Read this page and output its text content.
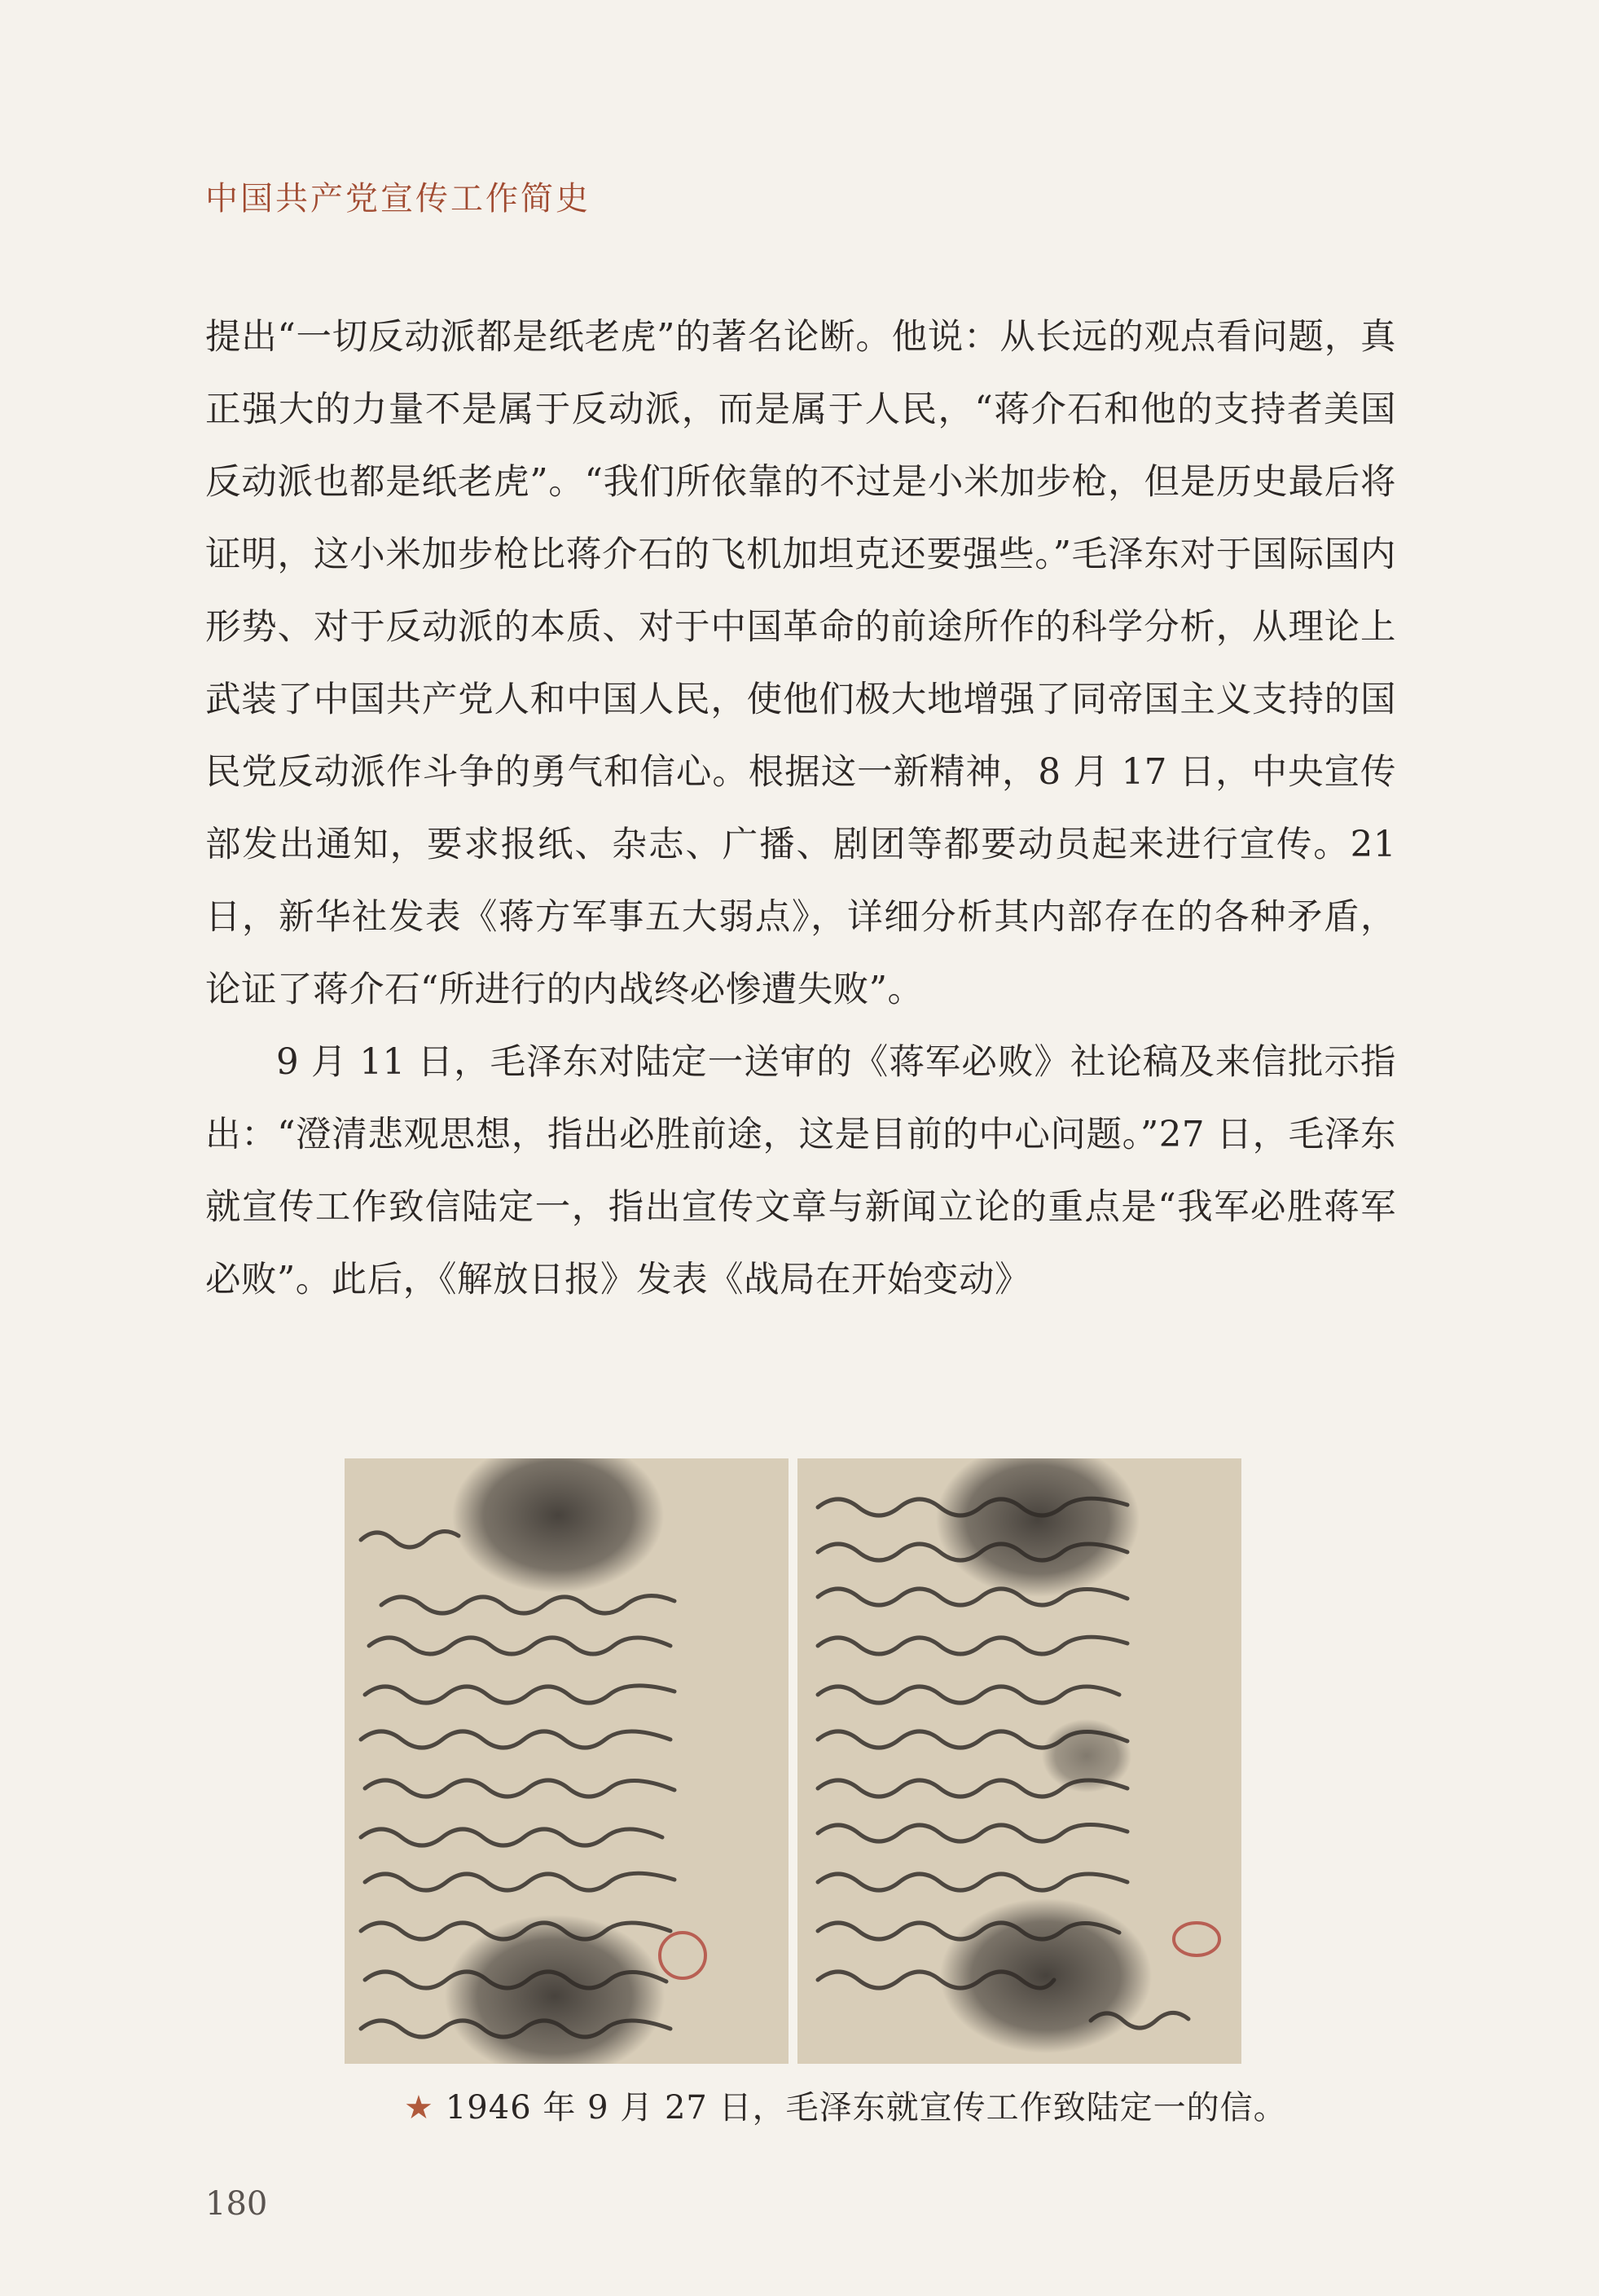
中国共产党宣传工作简史

提出“一切反动派都是纸老虎”的著名论断。他说：从长远的观点看问题，真正强大的力量不是属于反动派，而是属于人民，“蒋介石和他的支持者美国反动派也都是纸老虎”。“我们所依靠的不过是小米加步枪，但是历史最后将证明，这小米加步枪比蒋介石的飞机加坦克还要强些。”毛泽东对于国际国内形势、对于反动派的本质、对于中国革命的前途所作的科学分析，从理论上武装了中国共产党人和中国人民，使他们极大地增强了同帝国主义支持的国民党反动派作斗争的勇气和信心。根据这一新精神，8 月 17 日，中央宣传部发出通知，要求报纸、杂志、广播、剧团等都要动员起来进行宣传。21 日，新华社发表《蒋方军事五大弱点》，详细分析其内部存在的各种矛盾，论证了蒋介石“所进行的内战终必惨遭失败”。

9 月 11 日，毛泽东对陆定一送审的《蒋军必败》社论稿及来信批示指出：“澄清悲观思想，指出必胜前途，这是目前的中心问题。”27 日，毛泽东就宣传工作致信陆定一，指出宣传文章与新闻立论的重点是“我军必胜蒋军必败”。此后，《解放日报》发表《战局在开始变动》

★ 1946 年 9 月 27 日，毛泽东就宣传工作致陆定一的信。
180
